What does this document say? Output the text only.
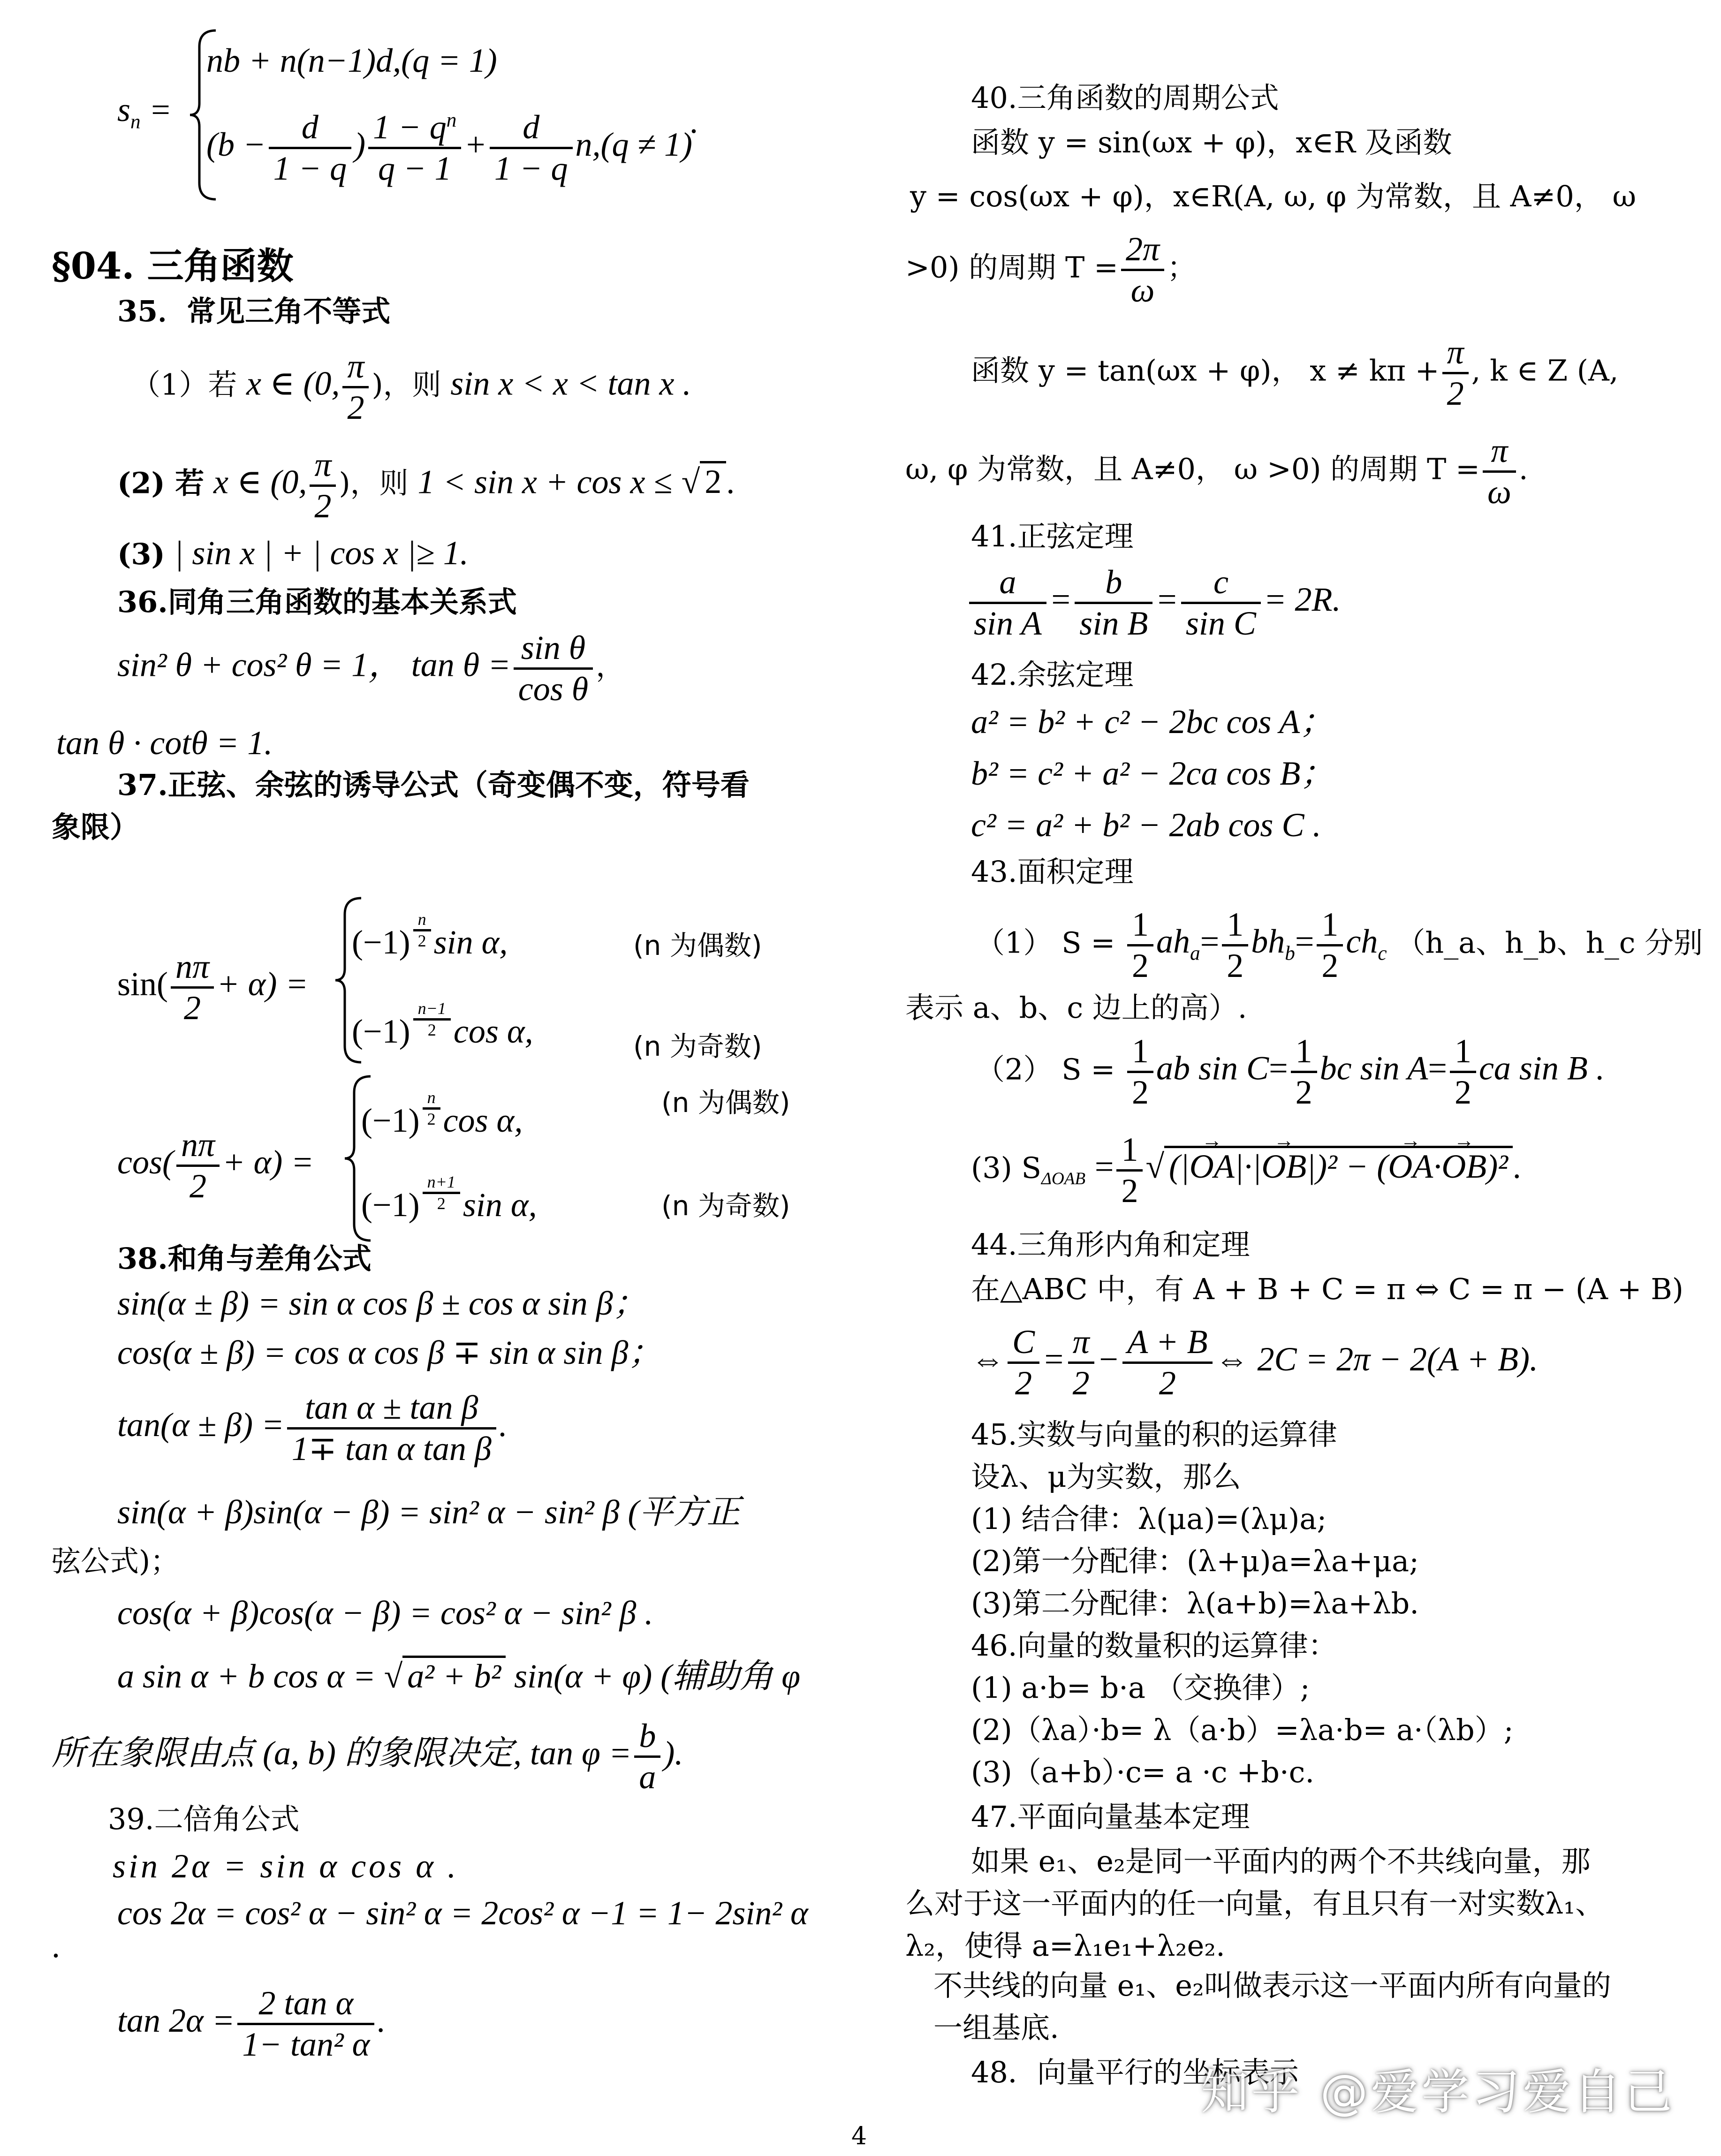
$s_n$ =
nb + n(n−1)d,(q = 1)
($b - \frac{d}{1 - q}$ ) $\frac{1 - q^n}{q - 1} + \frac{d}{1 - q} n,(q \ne 1)$
.
§04. 三角函数
35．常见三角不等式
（1）若 x ∈ (0, $\frac{\pi}{2}$ )，则 sin x < x < tan x .
(2) 若 x ∈ (0, $\frac{\pi}{2}$ )，则 1 < sin x + cos x ≤ √ 2 .
(3) | sin x | + | cos x |≥ 1.
36.同角三角函数的基本关系式
sin² θ + cos² θ = 1， $\tan \theta = \frac{\text{sin θ}}{\text{cos θ}}$ ，
tan θ · cotθ = 1.
37.正弦、余弦的诱导公式（奇变偶不变，符号看
象限）
$\sin( \frac{n\pi}{2} + \alpha)$ =
$(-1) \frac{n}{2}$ sin α,	(n 为偶数)
$(-1) \frac{n-1}{2}$ cos α,	(n 为奇数)
$\cos( \frac{n\pi}{2} + \alpha)$ =
$(-1) \frac{n}{2}$ cos α,	(n 为偶数)
$(-1) \frac{n+1}{2}$ sin α,	(n 为奇数)
38.和角与差角公式
sin(α ± β) = sin α cos β ± cos α sin β；
cos(α ± β) = cos α cos β ∓ sin α sin β；
$\tan(\alpha \pm \beta) = \frac{\text{tan α ± tan β}}{\text{1∓ tan α tan β}}$ .
sin(α + β)sin(α − β) = sin² α − sin² β (平方正
弦公式)；
cos(α + β)cos(α − β) = cos² α − sin² β .
a sin α + b cos α = √ a² + b² sin(α + φ) (辅助角 φ
所在象限由点 (a, b) 的象限决定, $\tan \varphi = \frac{b}{a}$ ).
39.二倍角公式
sin 2α = sin α cos α .
cos 2α = cos² α − sin² α = 2cos² α −1 = 1− 2sin² α
.
$\tan 2\alpha = \frac{\text{2 tan α}}{\text{1− tan² α}}$ .
40.三角函数的周期公式
函数 y = sin(ωx + φ)，x∈R 及函数
y = cos(ωx + φ)，x∈R(A, ω, φ 为常数，且 A≠0， ω
>0) 的周期 $T = \frac{2\pi}{\omega}$ ；
函数 y = tan(ωx + φ)， $x \ne k\pi + \frac{\pi}{2}$ , k ∈ Z (A,
ω, φ 为常数，且 A≠0， ω >0) 的周期 $T = \frac{\pi}{\omega}$ .
41.正弦定理
$\frac{a}{\text{sin A}} = \frac{b}{\text{sin B}} = \frac{c}{\text{sin C}} = 2R$.
42.余弦定理
a² = b² + c² − 2bc cos A；
b² = c² + a² − 2ca cos B；
c² = a² + b² − 2ab cos C .
43.面积定理
（1） $S = \frac{1}{2} ah_a= \frac{1}{2} bh_b= \frac{1}{2} ch_c$ （h_a、h_b、h_c 分别
表示 a、b、c 边上的高）.
（2） $S = \frac{1}{2}$ ab $\sin C= \frac{1}{2}$ bc $\sin A= \frac{1}{2}$ ca sin B .
(3) $S_{\Delta OAB} = \frac{1}{2}$ √ (|→ OA|·|→ OB|)² − (→ OA·→ OB)² .
44.三角形内角和定理
在△ABC 中，有 A + B + C = π ⇔ C = π − (A + B)
⇔ $\frac{C}{2} = \frac{\pi}{2} - \frac{A + B}{2}$ ⇔ 2C = 2π − 2(A + B).
45.实数与向量的积的运算律
设λ、μ为实数，那么
(1) 结合律：λ(μa)=(λμ)a;
(2)第一分配律：(λ+μ)a=λa+μa;
(3)第二分配律：λ(a+b)=λa+λb.
46.向量的数量积的运算律：
(1) a·b= b·a （交换律）;
(2)（λa）·b= λ（a·b）=λa·b= a·（λb）;
(3)（a+b）·c= a ·c +b·c.
47.平面向量基本定理
如果 e₁、e₂是同一平面内的两个不共线向量，那
么对于这一平面内的任一向量，有且只有一对实数λ₁、
λ₂，使得 a=λ₁e₁+λ₂e₂.
不共线的向量 e₁、e₂叫做表示这一平面内所有向量的
一组基底.
48．向量平行的坐标表示
知乎 @爱学习爱自己
4
